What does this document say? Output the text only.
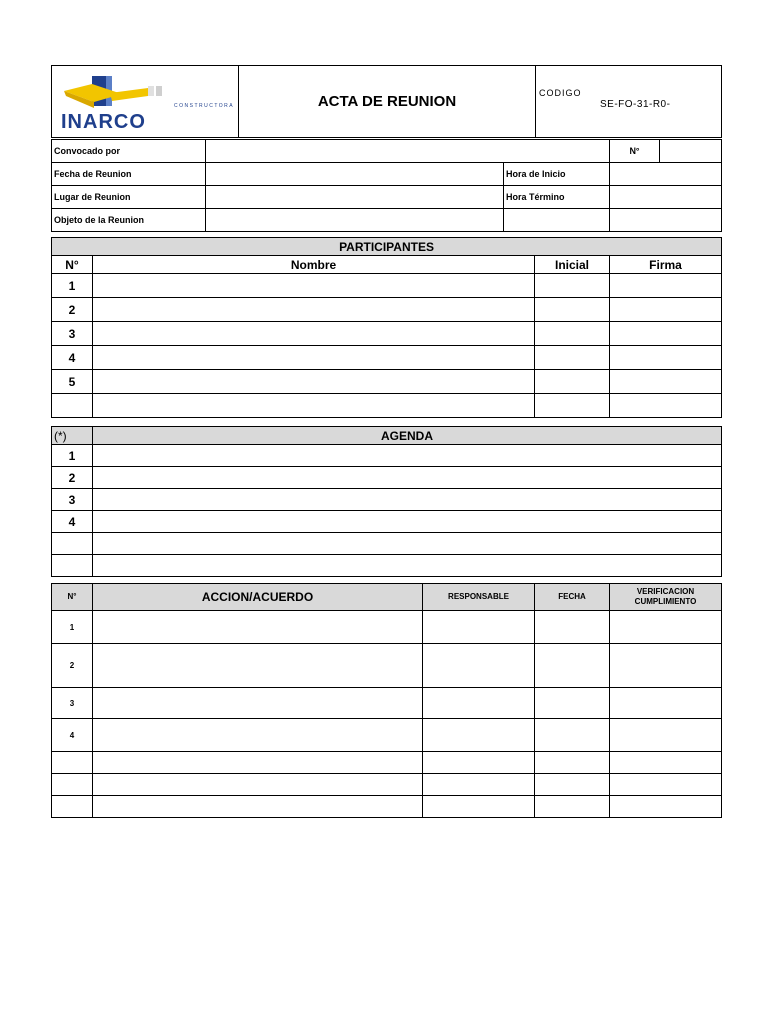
CONSTRUCTORA
INARCO
	ACTA DE REUNION	CODIGO
SE-FO-31-R0-
Convocado por			N°	
Fecha de Reunion		Hora de Inicio		
Lugar de Reunion		Hora Término		
Objeto de la Reunion				
PARTICIPANTES			
N°	Nombre	Inicial	Firma
1			
2			
3			
4			
5			

(*)	AGENDA
1	
2	
3	
4	

N°	ACCION/ACUERDO	RESPONSABLE	FECHA	VERIFICACION CUMPLIMIENTO
1				
2				
3				
4				
